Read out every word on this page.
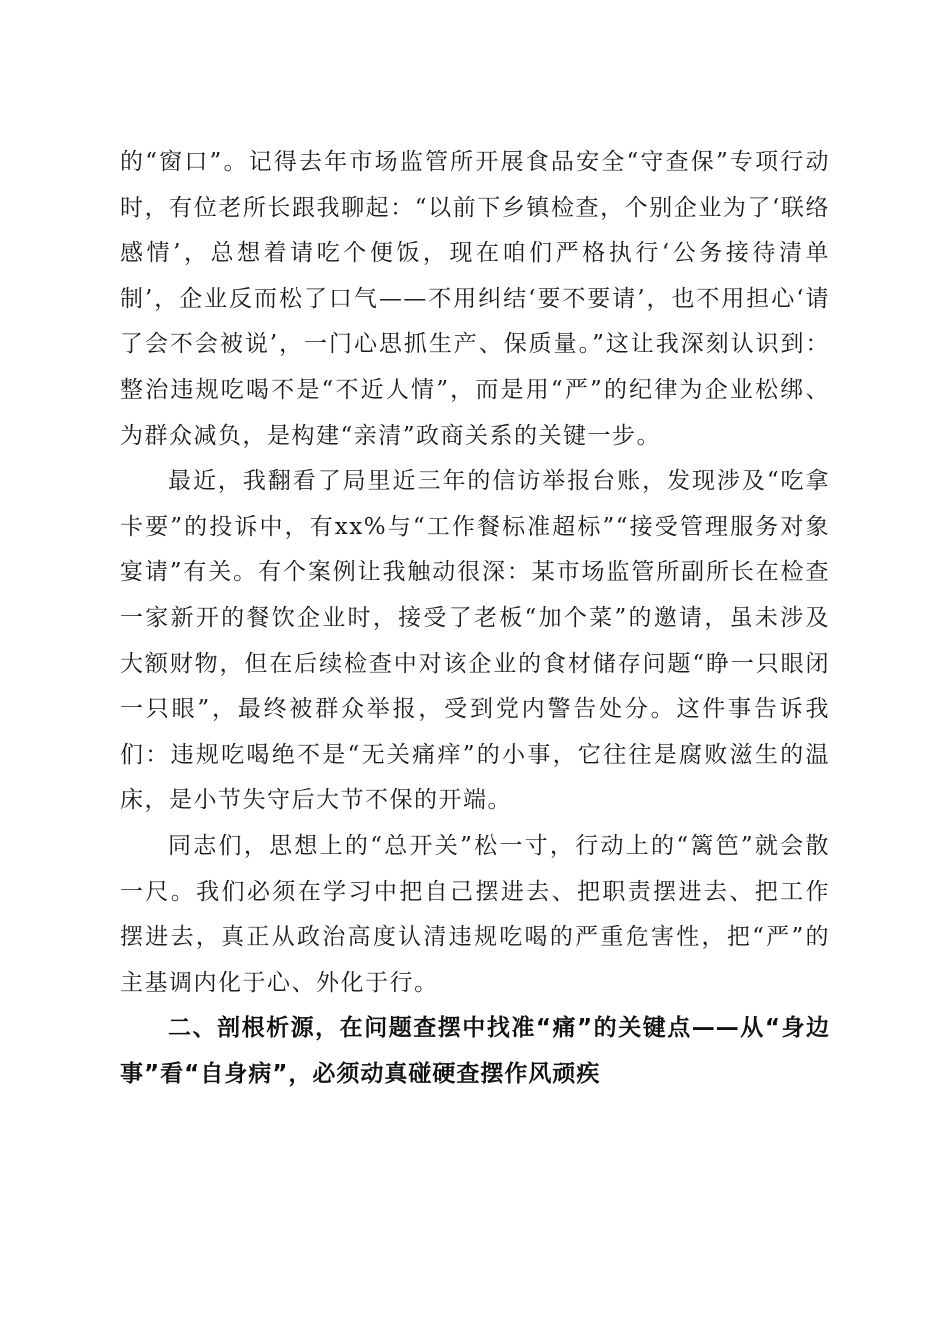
的“窗口”。记得去年市场监管所开展食品安全“守查保”专项行动时，有位老所长跟我聊起：“以前下乡镇检查，个别企业为了‘联络感情’，总想着请吃个便饭，现在咱们严格执行‘公务接待清单制’，企业反而松了口气——不用纠结‘要不要请’，也不用担心‘请了会不会被说’，一门心思抓生产、保质量。”这让我深刻认识到：整治违规吃喝不是“不近人情”，而是用“严”的纪律为企业松绑、为群众减负，是构建“亲清”政商关系的关键一步。

最近，我翻看了局里近三年的信访举报台账，发现涉及“吃拿卡要”的投诉中，有xx%与“工作餐标准超标”“接受管理服务对象宴请”有关。有个案例让我触动很深：某市场监管所副所长在检查一家新开的餐饮企业时，接受了老板“加个菜”的邀请，虽未涉及大额财物，但在后续检查中对该企业的食材储存问题“睁一只眼闭一只眼”，最终被群众举报，受到党内警告处分。这件事告诉我们：违规吃喝绝不是“无关痛痒”的小事，它往往是腐败滋生的温床，是小节失守后大节不保的开端。

同志们，思想上的“总开关”松一寸，行动上的“篱笆”就会散一尺。我们必须在学习中把自己摆进去、把职责摆进去、把工作摆进去，真正从政治高度认清违规吃喝的严重危害性，把“严”的主基调内化于心、外化于行。

二、剖根析源，在问题查摆中找准“痛”的关键点——从“身边事”看“自身病”，必须动真碰硬查摆作风顽疾
